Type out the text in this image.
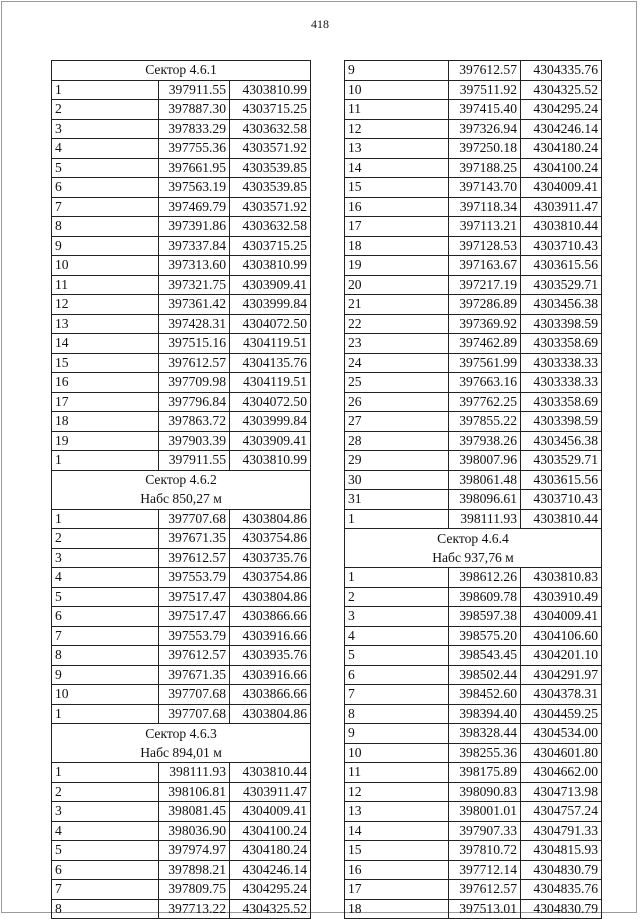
418
Сектор 4.6.1		
1	397911.55	4303810.99
2	397887.30	4303715.25
3	397833.29	4303632.58
4	397755.36	4303571.92
5	397661.95	4303539.85
6	397563.19	4303539.85
7	397469.79	4303571.92
8	397391.86	4303632.58
9	397337.84	4303715.25
10	397313.60	4303810.99
11	397321.75	4303909.41
12	397361.42	4303999.84
13	397428.31	4304072.50
14	397515.16	4304119.51
15	397612.57	4304135.76
16	397709.98	4304119.51
17	397796.84	4304072.50
18	397863.72	4303999.84
19	397903.39	4303909.41
1	397911.55	4303810.99
Сектор 4.6.2		
Набс 850,27 м		
1	397707.68	4303804.86
2	397671.35	4303754.86
3	397612.57	4303735.76
4	397553.79	4303754.86
5	397517.47	4303804.86
6	397517.47	4303866.66
7	397553.79	4303916.66
8	397612.57	4303935.76
9	397671.35	4303916.66
10	397707.68	4303866.66
1	397707.68	4303804.86
Сектор 4.6.3		
Набс 894,01 м		
1	398111.93	4303810.44
2	398106.81	4303911.47
3	398081.45	4304009.41
4	398036.90	4304100.24
5	397974.97	4304180.24
6	397898.21	4304246.14
7	397809.75	4304295.24
8	397713.22	4304325.52
9	397612.57	4304335.76
10	397511.92	4304325.52
11	397415.40	4304295.24
12	397326.94	4304246.14
13	397250.18	4304180.24
14	397188.25	4304100.24
15	397143.70	4304009.41
16	397118.34	4303911.47
17	397113.21	4303810.44
18	397128.53	4303710.43
19	397163.67	4303615.56
20	397217.19	4303529.71
21	397286.89	4303456.38
22	397369.92	4303398.59
23	397462.89	4303358.69
24	397561.99	4303338.33
25	397663.16	4303338.33
26	397762.25	4303358.69
27	397855.22	4303398.59
28	397938.26	4303456.38
29	398007.96	4303529.71
30	398061.48	4303615.56
31	398096.61	4303710.43
1	398111.93	4303810.44
Сектор 4.6.4		
Набс 937,76 м		
1	398612.26	4303810.83
2	398609.78	4303910.49
3	398597.38	4304009.41
4	398575.20	4304106.60
5	398543.45	4304201.10
6	398502.44	4304291.97
7	398452.60	4304378.31
8	398394.40	4304459.25
9	398328.44	4304534.00
10	398255.36	4304601.80
11	398175.89	4304662.00
12	398090.83	4304713.98
13	398001.01	4304757.24
14	397907.33	4304791.33
15	397810.72	4304815.93
16	397712.14	4304830.79
17	397612.57	4304835.76
18	397513.01	4304830.79
